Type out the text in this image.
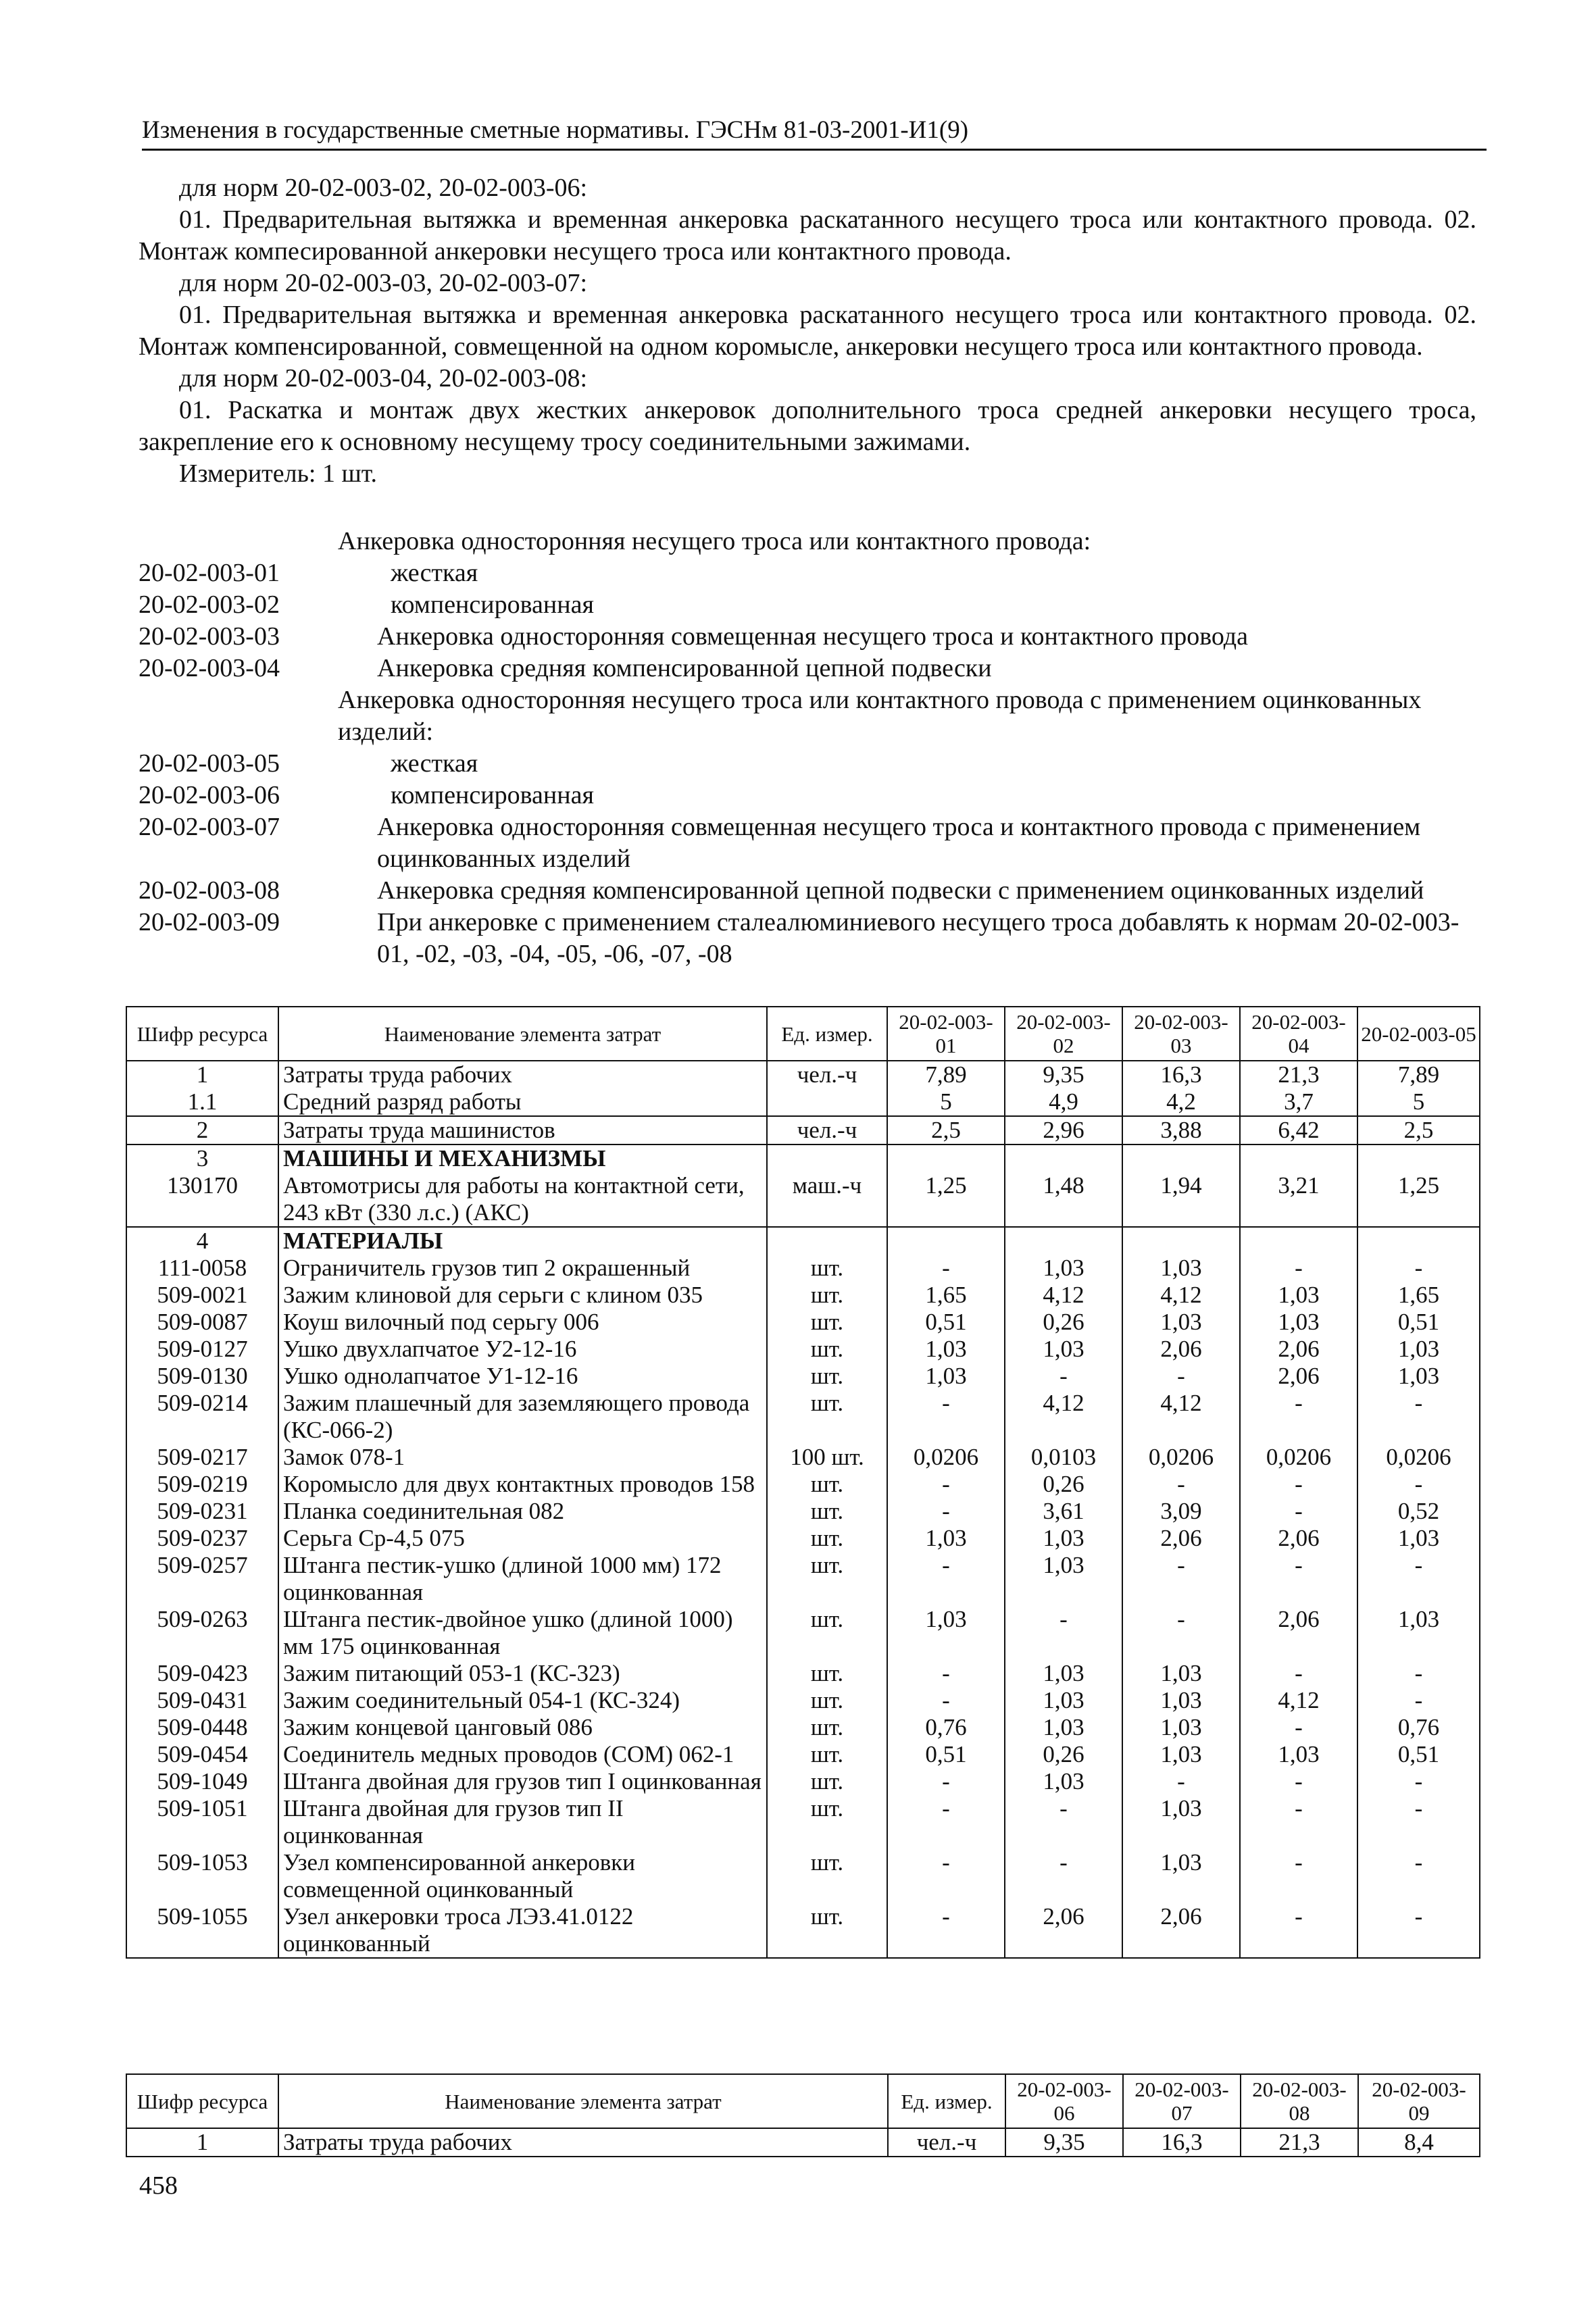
Изменения в государственные сметные нормативы. ГЭСНм 81-03-2001-И1(9)

для норм 20-02-003-02, 20-02-003-06:

01. Предварительная вытяжка и временная анкеровка раскатанного несущего троса или контактного провода. 02. Монтаж компесированной анкеровки несущего троса или контактного провода.

для норм 20-02-003-03, 20-02-003-07:

01. Предварительная вытяжка и временная анкеровка раскатанного несущего троса или контактного провода. 02. Монтаж компенсированной, совмещенной на одном коромысле, анкеровки несущего троса или контактного провода.

для норм 20-02-003-04, 20-02-003-08:

01. Раскатка и монтаж двух жестких анкеровок дополнительного троса средней анкеровки несущего троса, закрепление его к основному несущему тросу соединительными зажимами.

Измеритель: 1 шт.

Анкеровка односторонняя несущего троса или контактного провода:
20-02-003-01	жесткая
20-02-003-02	компенсированная
20-02-003-03	Анкеровка односторонняя совмещенная несущего троса и контактного провода
20-02-003-04	Анкеровка средняя компенсированной цепной подвески
Анкеровка односторонняя несущего троса или контактного провода с применением оцинкованных изделий:
20-02-003-05	жесткая
20-02-003-06	компенсированная
20-02-003-07	Анкеровка односторонняя совмещенная несущего троса и контактного провода с применением оцинкованных изделий
20-02-003-08	Анкеровка средняя компенсированной цепной подвески с применением оцинкованных изделий
20-02-003-09	При анкеровке с применением сталеалюминиевого несущего троса добавлять к нормам 20-02-003-01, -02, -03, -04, -05, -06, -07, -08
Шифр ресурса	Наименование элемента затрат	Ед. измер.	20-02-003-01	20-02-003-02	20-02-003-03	20-02-003-04	20-02-003-05
1	Затраты труда рабочих	чел.-ч	7,89	9,35	16,3	21,3	7,89
1.1	Средний разряд работы		5	4,9	4,2	3,7	5
2	Затраты труда машинистов	чел.-ч	2,5	2,96	3,88	6,42	2,5
3	МАШИНЫ И МЕХАНИЗМЫ						
130170	Автомотрисы для работы на контактной сети, 243 кВт (330 л.с.) (АКС)	маш.-ч	1,25	1,48	1,94	3,21	1,25
4	МАТЕРИАЛЫ						
111-0058	Ограничитель грузов тип 2 окрашенный	шт.	-	1,03	1,03	-	-
509-0021	Зажим клиновой для серьги с клином 035	шт.	1,65	4,12	4,12	1,03	1,65
509-0087	Коуш вилочный под серьгу 006	шт.	0,51	0,26	1,03	1,03	0,51
509-0127	Ушко двухлапчатое У2-12-16	шт.	1,03	1,03	2,06	2,06	1,03
509-0130	Ушко однолапчатое У1-12-16	шт.	1,03	-	-	2,06	1,03
509-0214	Зажим плашечный для заземляющего провода (КС-066-2)	шт.	-	4,12	4,12	-	-
509-0217	Замок 078-1	100 шт.	0,0206	0,0103	0,0206	0,0206	0,0206
509-0219	Коромысло для двух контактных проводов 158	шт.	-	0,26	-	-	-
509-0231	Планка соединительная 082	шт.	-	3,61	3,09	-	0,52
509-0237	Серьга Ср-4,5 075	шт.	1,03	1,03	2,06	2,06	1,03
509-0257	Штанга пестик-ушко (длиной 1000 мм) 172 оцинкованная	шт.	-	1,03	-	-	-
509-0263	Штанга пестик-двойное ушко (длиной 1000) мм 175 оцинкованная	шт.	1,03	-	-	2,06	1,03
509-0423	Зажим питающий 053-1 (КС-323)	шт.	-	1,03	1,03	-	-
509-0431	Зажим соединительный 054-1 (КС-324)	шт.	-	1,03	1,03	4,12	-
509-0448	Зажим концевой цанговый 086	шт.	0,76	1,03	1,03	-	0,76
509-0454	Соединитель медных проводов (СОМ) 062-1	шт.	0,51	0,26	1,03	1,03	0,51
509-1049	Штанга двойная для грузов тип I оцинкованная	шт.	-	1,03	-	-	-
509-1051	Штанга двойная для грузов тип II оцинкованная	шт.	-	-	1,03	-	-
509-1053	Узел компенсированной анкеровки совмещенной оцинкованный	шт.	-	-	1,03	-	-
509-1055	Узел анкеровки троса ЛЭЗ.41.0122 оцинкованный	шт.	-	2,06	2,06	-	-
Шифр ресурса	Наименование элемента затрат	Ед. измер.	20-02-003-06	20-02-003-07	20-02-003-08	20-02-003-09
1	Затраты труда рабочих	чел.-ч	9,35	16,3	21,3	8,4
458
